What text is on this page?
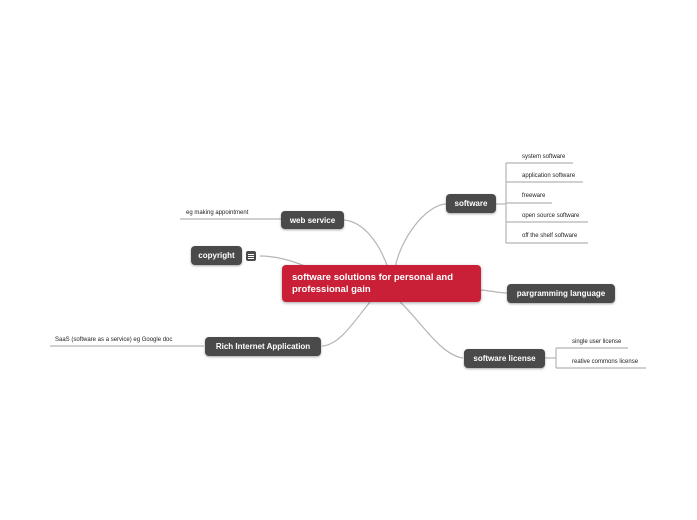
software solutions for personal and professional gain
software
web service
copyright
pargramming language
Rich Internet Application
software license
system software
application software
freeware
open source software
off the shelf software
eg making appointment
SaaS (software as a service) eg Google doc	single user license
reative commons license
